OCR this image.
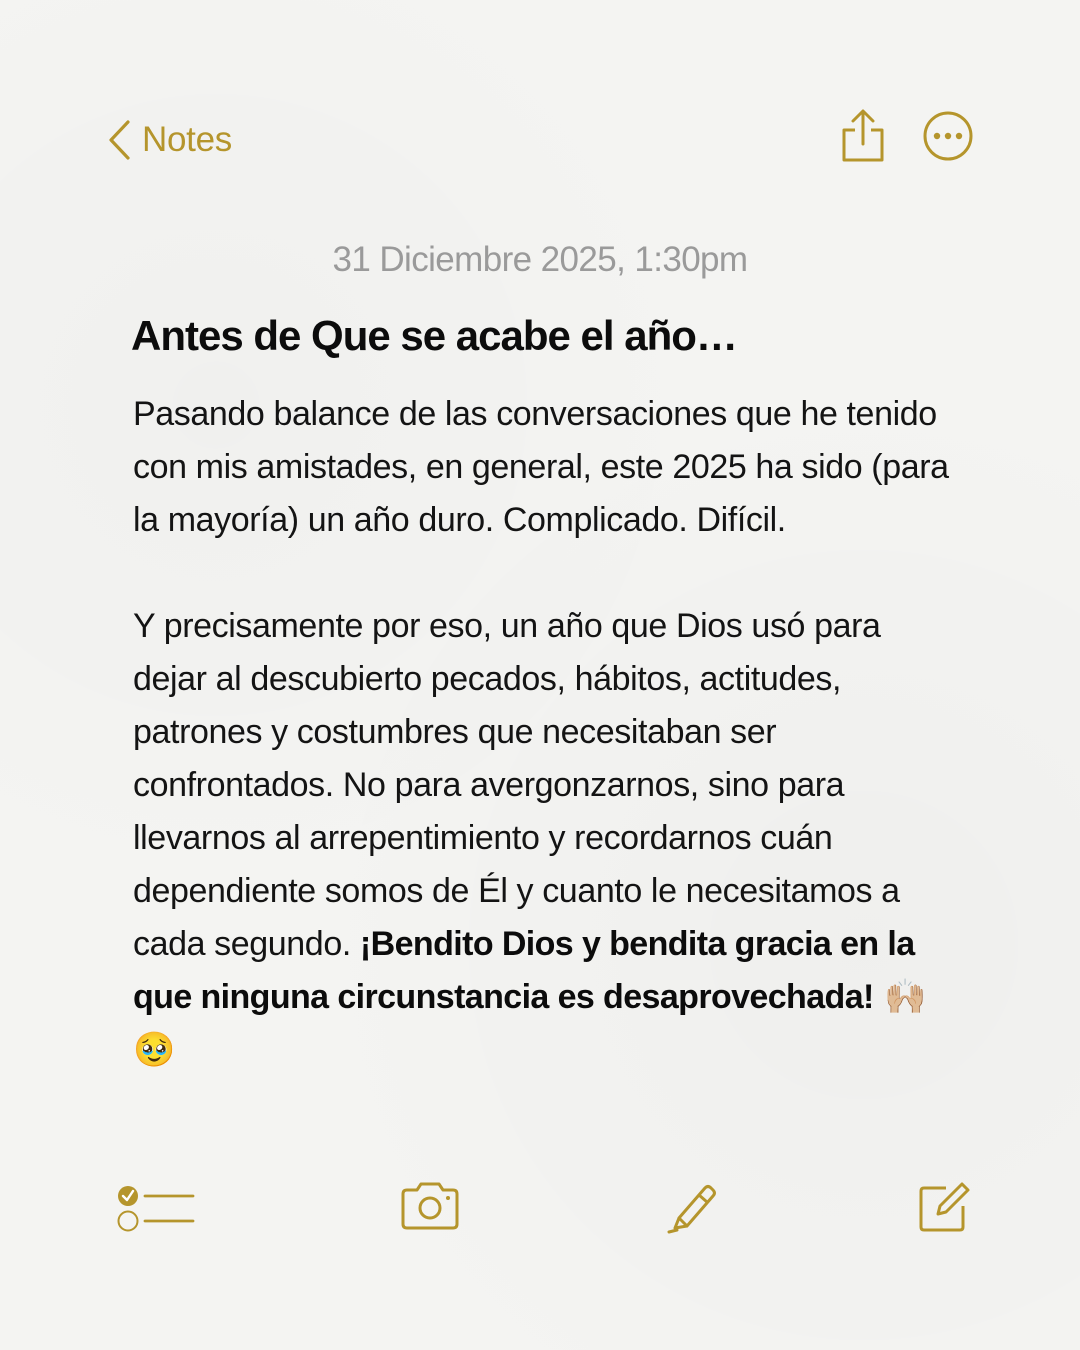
Notes
31 Diciembre 2025, 1:30pm
Antes de Que se acabe el año…

Pasando balance de las conversaciones que he tenido con mis amistades, en general, este 2025 ha sido (para la mayoría) un año duro. Complicado. Difícil.

Y precisamente por eso, un año que Dios usó para dejar al descubierto pecados, hábitos, actitudes, patrones y costumbres que necesitaban ser confrontados. No para avergonzarnos, sino para llevarnos al arrepentimiento y recordarnos cuán dependiente somos de Él y cuanto le necesitamos a cada segundo. ¡Bendito Dios y bendita gracia en la que ninguna circunstancia es desaprovechada! 🙌🏼🥹
